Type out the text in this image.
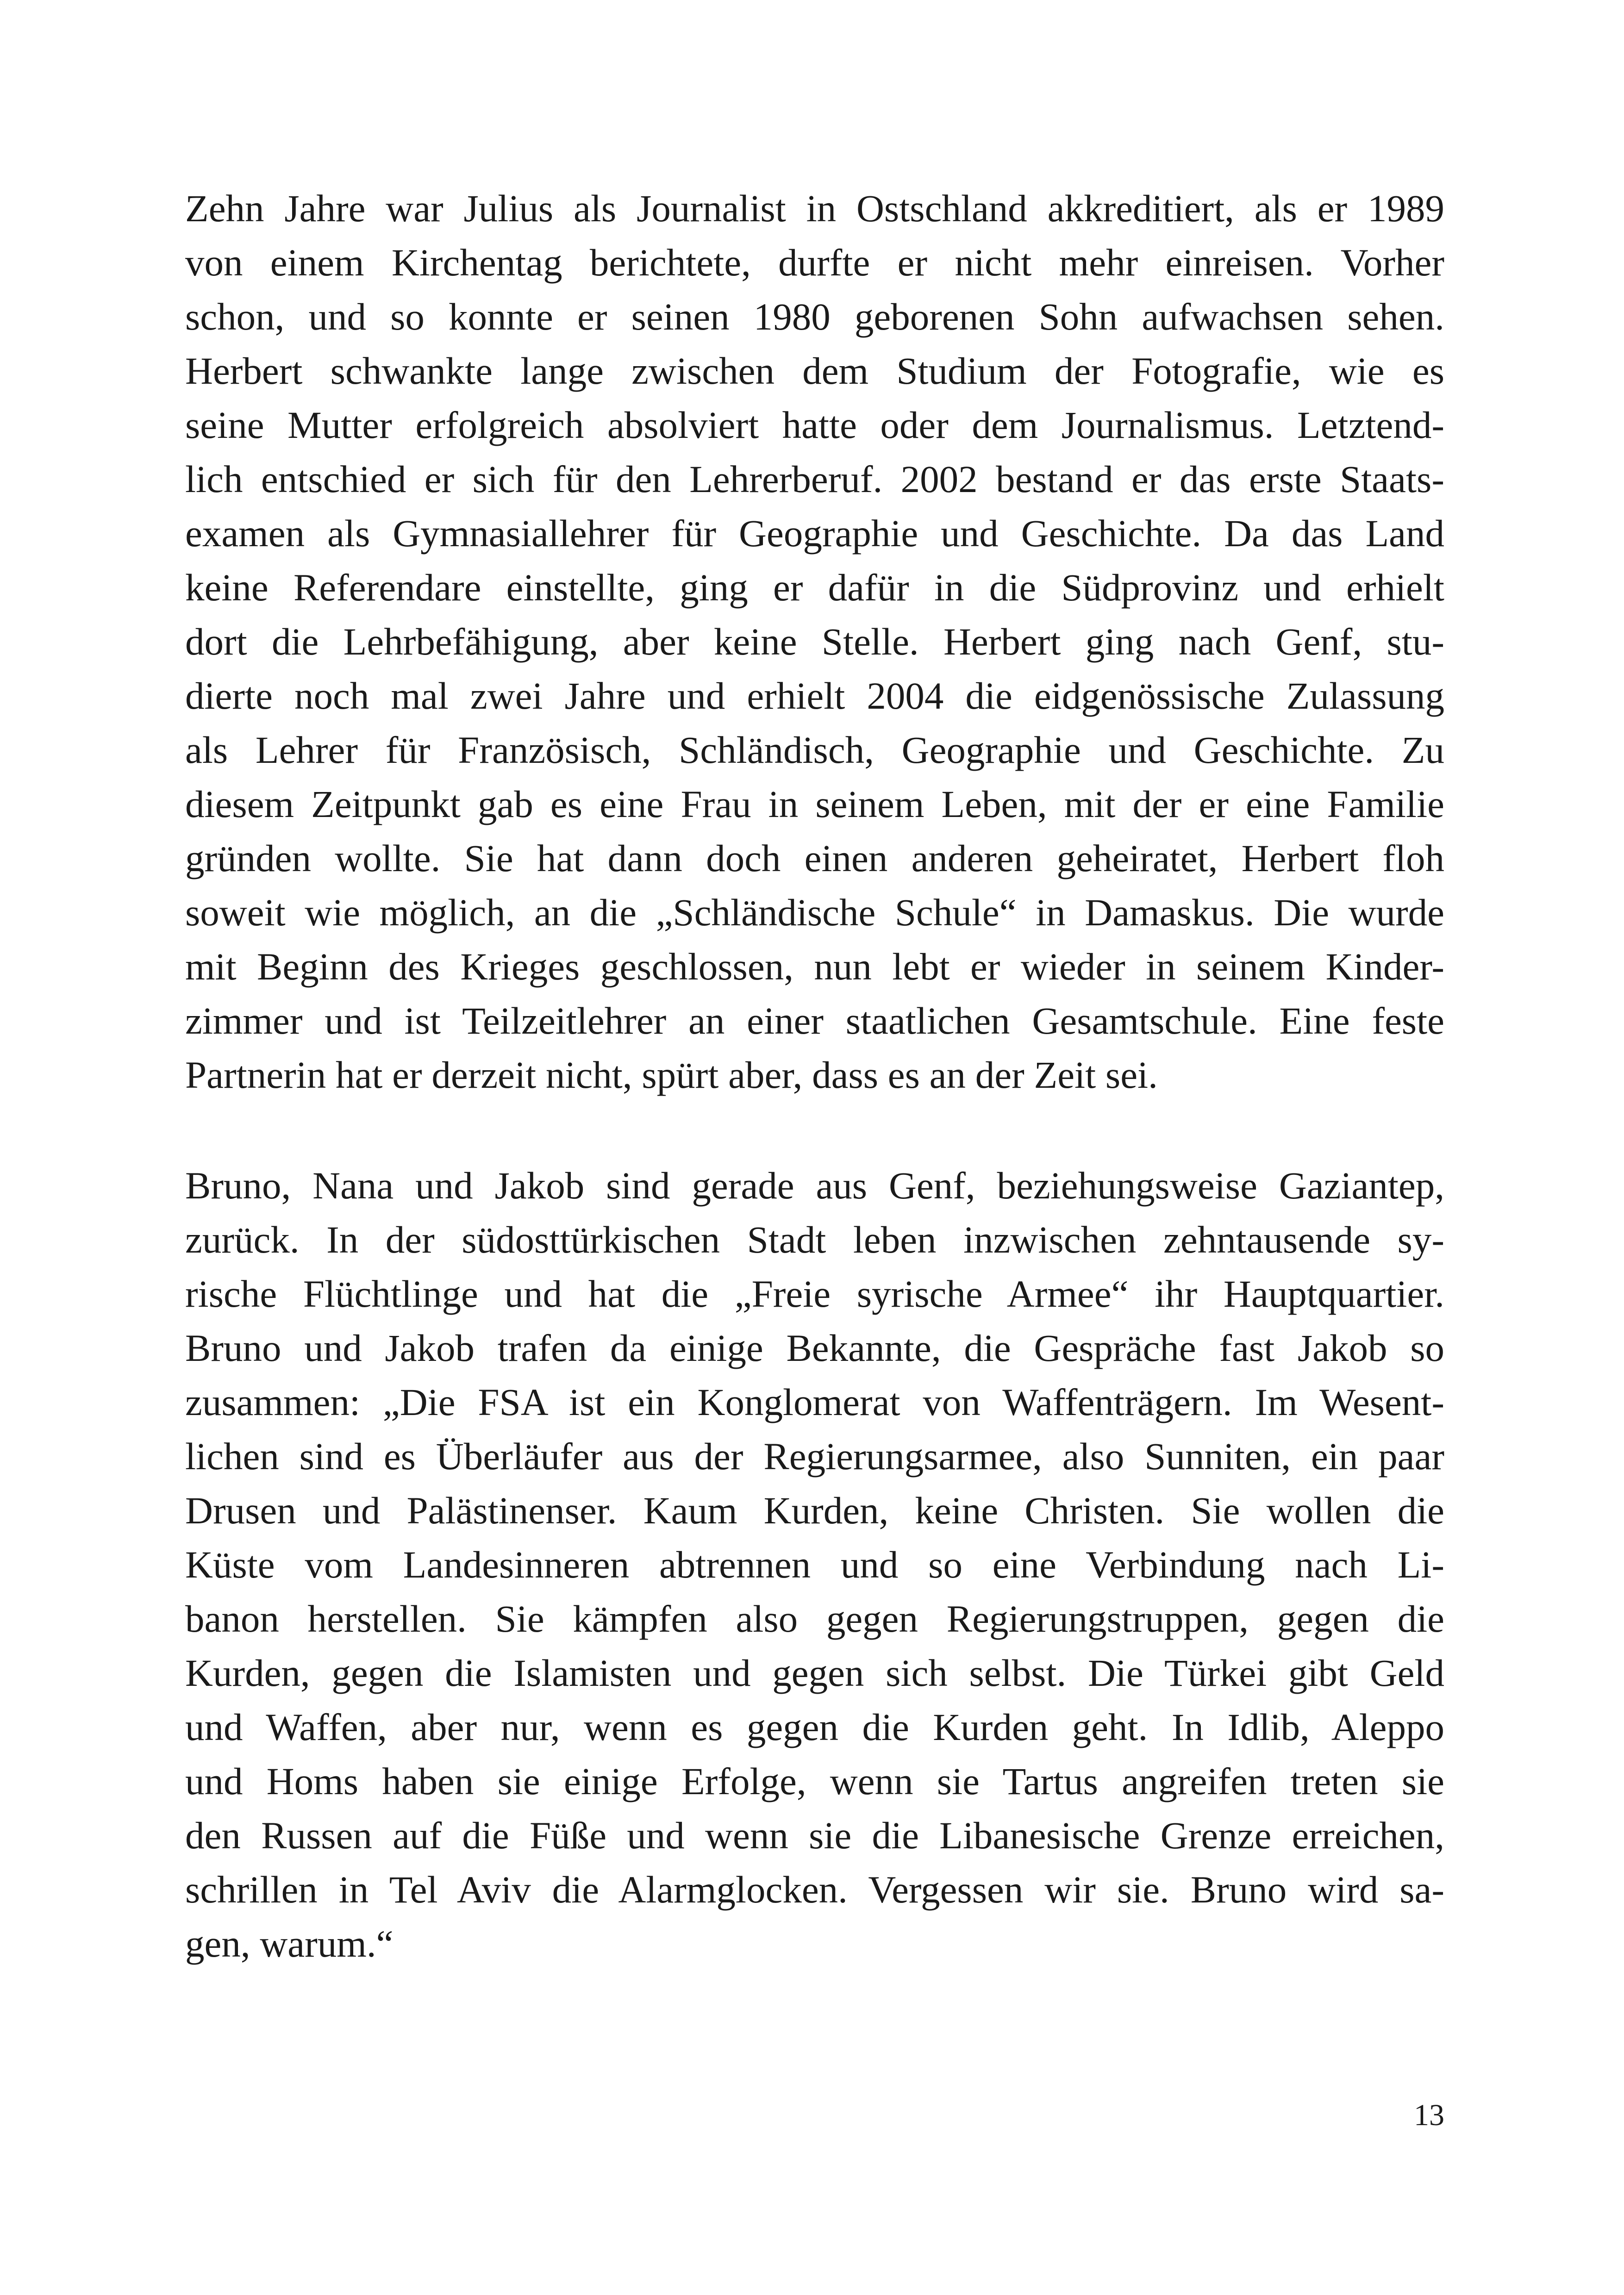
Zehn Jahre war Julius als Journalist in Ostschland akkreditiert, als er 1989
von einem Kirchentag berichtete, durfte er nicht mehr einreisen. Vorher
schon, und so konnte er seinen 1980 geborenen Sohn aufwachsen sehen.
Herbert schwankte lange zwischen dem Studium der Fotografie, wie es
seine Mutter erfolgreich absolviert hatte oder dem Journalismus. Letztend-
lich entschied er sich für den Lehrerberuf. 2002 bestand er das erste Staats-
examen als Gymnasiallehrer für Geographie und Geschichte. Da das Land
keine Referendare einstellte, ging er dafür in die Südprovinz und erhielt
dort die Lehrbefähigung, aber keine Stelle. Herbert ging nach Genf, stu-
dierte noch mal zwei Jahre und erhielt 2004 die eidgenössische Zulassung
als Lehrer für Französisch, Schländisch, Geographie und Geschichte. Zu
diesem Zeitpunkt gab es eine Frau in seinem Leben, mit der er eine Familie
gründen wollte. Sie hat dann doch einen anderen geheiratet, Herbert floh
soweit wie möglich, an die „Schländische Schule“ in Damaskus. Die wurde
mit Beginn des Krieges geschlossen, nun lebt er wieder in seinem Kinder-
zimmer und ist Teilzeitlehrer an einer staatlichen Gesamtschule. Eine feste
Partnerin hat er derzeit nicht, spürt aber, dass es an der Zeit sei.
Bruno, Nana und Jakob sind gerade aus Genf, beziehungsweise Gaziantep,
zurück. In der südosttürkischen Stadt leben inzwischen zehntausende sy-
rische Flüchtlinge und hat die „Freie syrische Armee“ ihr Hauptquartier.
Bruno und Jakob trafen da einige Bekannte, die Gespräche fast Jakob so
zusammen: „Die FSA ist ein Konglomerat von Waffenträgern. Im Wesent-
lichen sind es Überläufer aus der Regierungsarmee, also Sunniten, ein paar
Drusen und Palästinenser. Kaum Kurden, keine Christen. Sie wollen die
Küste vom Landesinneren abtrennen und so eine Verbindung nach Li-
banon herstellen. Sie kämpfen also gegen Regierungstruppen, gegen die
Kurden, gegen die Islamisten und gegen sich selbst. Die Türkei gibt Geld
und Waffen, aber nur, wenn es gegen die Kurden geht. In Idlib, Aleppo
und Homs haben sie einige Erfolge, wenn sie Tartus angreifen treten sie
den Russen auf die Füße und wenn sie die Libanesische Grenze erreichen,
schrillen in Tel Aviv die Alarmglocken. Vergessen wir sie. Bruno wird sa-
gen, warum.“
13
